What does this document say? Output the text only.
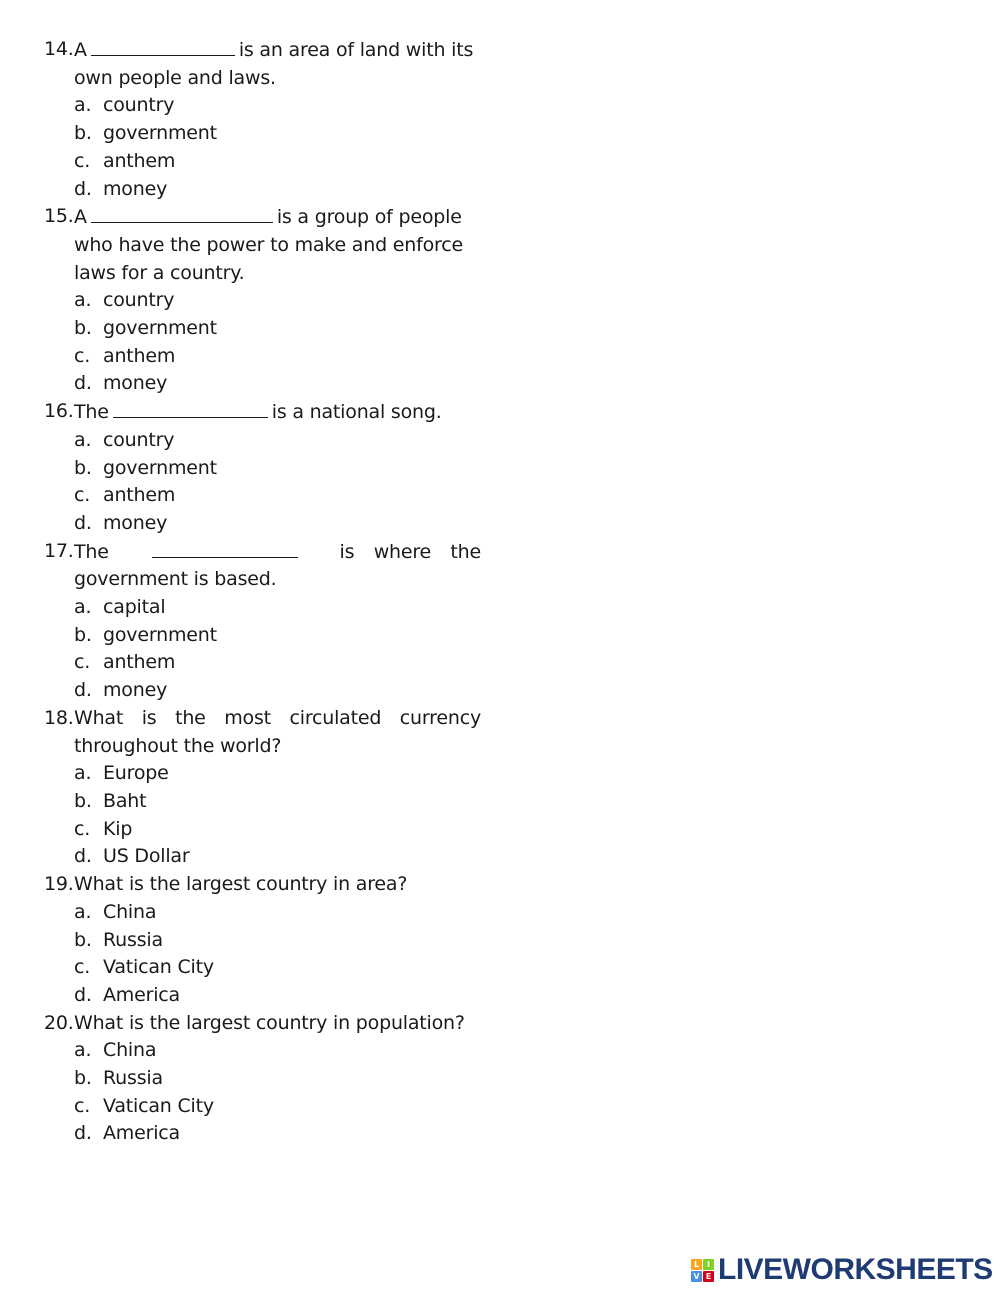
14. A	is an area of land with its own people and laws.
a. country
b. government
c. anthem
d. money
15. A	is a group of people who have the power to make and enforce laws for a country.
a. country
b. government
c. anthem
d. money
16. The	is a national song.
a. country
b. government
c. anthem
d. money
17. The	is where the government is based.
a. capital
b. government
c. anthem
d. money
18. What is the most circulated currency throughout the world?
a. Europe
b. Baht
c. Kip
d. US Dollar
19. What is the largest country in area?
a. China
b. Russia
c. Vatican City
d. America
20. What is the largest country in population?
a. China
b. Russia
c. Vatican City
d. America
L I
V E LIVEWORKSHEETS
